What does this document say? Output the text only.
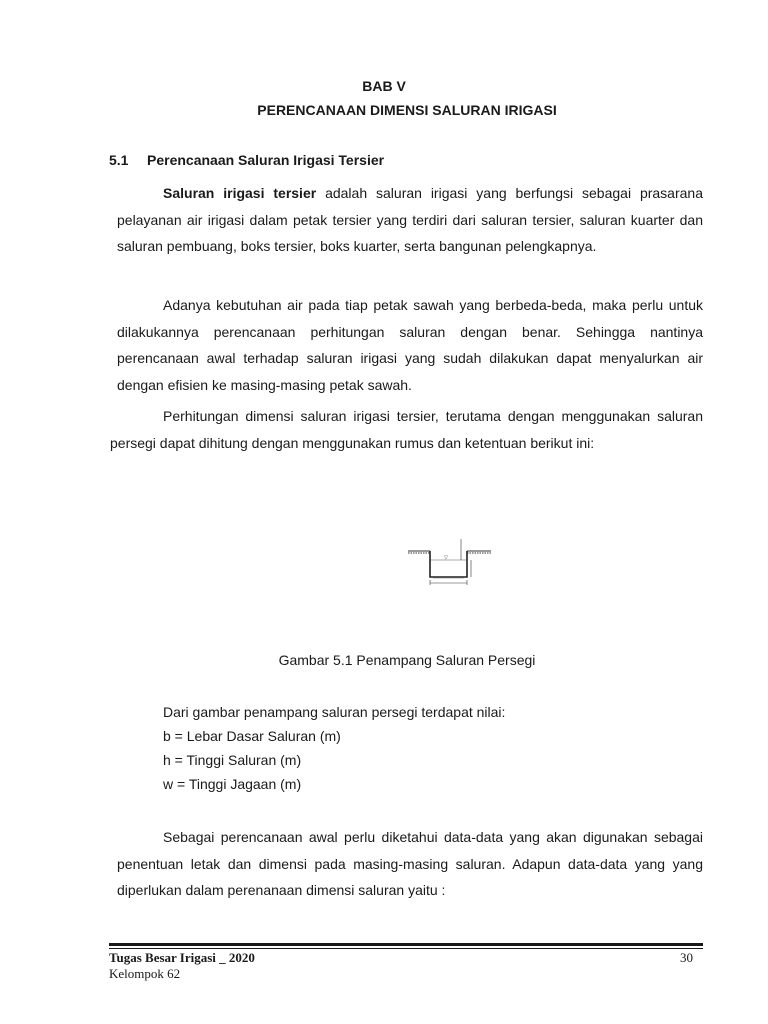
BAB V
PERENCANAAN DIMENSI SALURAN IRIGASI
5.1 Perencanaan Saluran Irigasi Tersier
Saluran irigasi tersier adalah saluran irigasi yang berfungsi sebagai prasarana pelayanan air irigasi dalam petak tersier yang terdiri dari saluran tersier, saluran kuarter dan saluran pembuang, boks tersier, boks kuarter, serta bangunan pelengkapnya.
Adanya kebutuhan air pada tiap petak sawah yang berbeda-beda, maka perlu untuk dilakukannya perencanaan perhitungan saluran dengan benar. Sehingga nantinya perencanaan awal terhadap saluran irigasi yang sudah dilakukan dapat menyalurkan air dengan efisien ke masing-masing petak sawah.
Perhitungan dimensi saluran irigasi tersier, terutama dengan menggunakan saluran persegi dapat dihitung dengan menggunakan rumus dan ketentuan berikut ini:
▽
Gambar 5.1 Penampang Saluran Persegi
Dari gambar penampang saluran persegi terdapat nilai:
b = Lebar Dasar Saluran (m)
h = Tinggi Saluran (m)
w = Tinggi Jagaan (m)
Sebagai perencanaan awal perlu diketahui data-data yang akan digunakan sebagai penentuan letak dan dimensi pada masing-masing saluran. Adapun data-data yang yang diperlukan dalam perenanaan dimensi saluran yaitu :
Tugas Besar Irigasi _ 2020
Kelompok 62
30
